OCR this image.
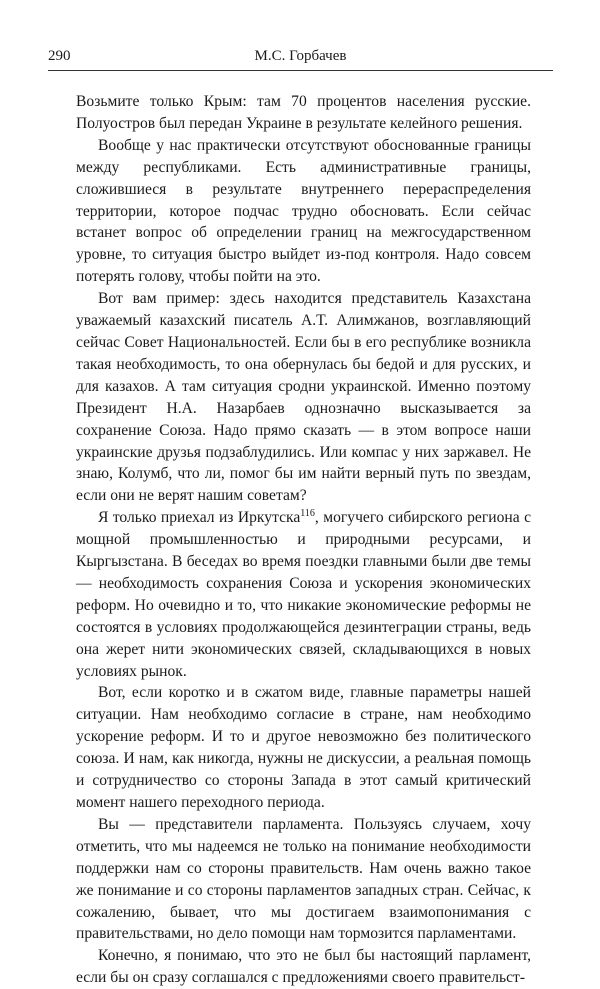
290	М.С. Горбачев

Возьмите только Крым: там 70 процентов населения русские. Полуостров был передан Украине в результате келейного решения.

Вообще у нас практически отсутствуют обоснованные границы между республиками. Есть административные границы, сложившиеся в результате внутреннего перераспределения территории, которое подчас трудно обосновать. Если сейчас встанет вопрос об определении границ на межгосударственном уровне, то ситуация быстро выйдет из-под контроля. Надо совсем потерять голову, чтобы пойти на это.

Вот вам пример: здесь находится представитель Казахстана уважаемый казахский писатель А.Т. Алимжанов, возглавляющий сейчас Совет Национальностей. Если бы в его республике возникла такая необходимость, то она обернулась бы бедой и для русских, и для казахов. А там ситуация сродни украинской. Именно поэтому Президент Н.А. Назарбаев однозначно высказывается за сохранение Союза. Надо прямо сказать — в этом вопросе наши украинские друзья подзаблудились. Или компас у них заржавел. Не знаю, Колумб, что ли, помог бы им найти верный путь по звездам, если они не верят нашим советам?

Я только приехал из Иркутска$^{116}$, могучего сибирского региона с мощной промышленностью и природными ресурсами, и Кыргызстана. В беседах во время поездки главными были две темы — необходимость сохранения Союза и ускорения экономических реформ. Но очевидно и то, что никакие экономические реформы не состоятся в условиях продолжающейся дезинтеграции страны, ведь она жерет нити экономических связей, складывающихся в новых условиях рынок.

Вот, если коротко и в сжатом виде, главные параметры нашей ситуации. Нам необходимо согласие в стране, нам необходимо ускорение реформ. И то и другое невозможно без политического союза. И нам, как никогда, нужны не дискуссии, а реальная помощь и сотрудничество со стороны Запада в этот самый критический момент нашего переходного периода.

Вы — представители парламента. Пользуясь случаем, хочу отметить, что мы надеемся не только на понимание необходимости поддержки нам со стороны правительств. Нам очень важно такое же понимание и со стороны парламентов западных стран. Сейчас, к сожалению, бывает, что мы достигаем взаимопонимания с правительствами, но дело помощи нам тормозится парламентами.

Конечно, я понимаю, что это не был бы настоящий парламент, если бы он сразу соглашался с предложениями своего правительст-
